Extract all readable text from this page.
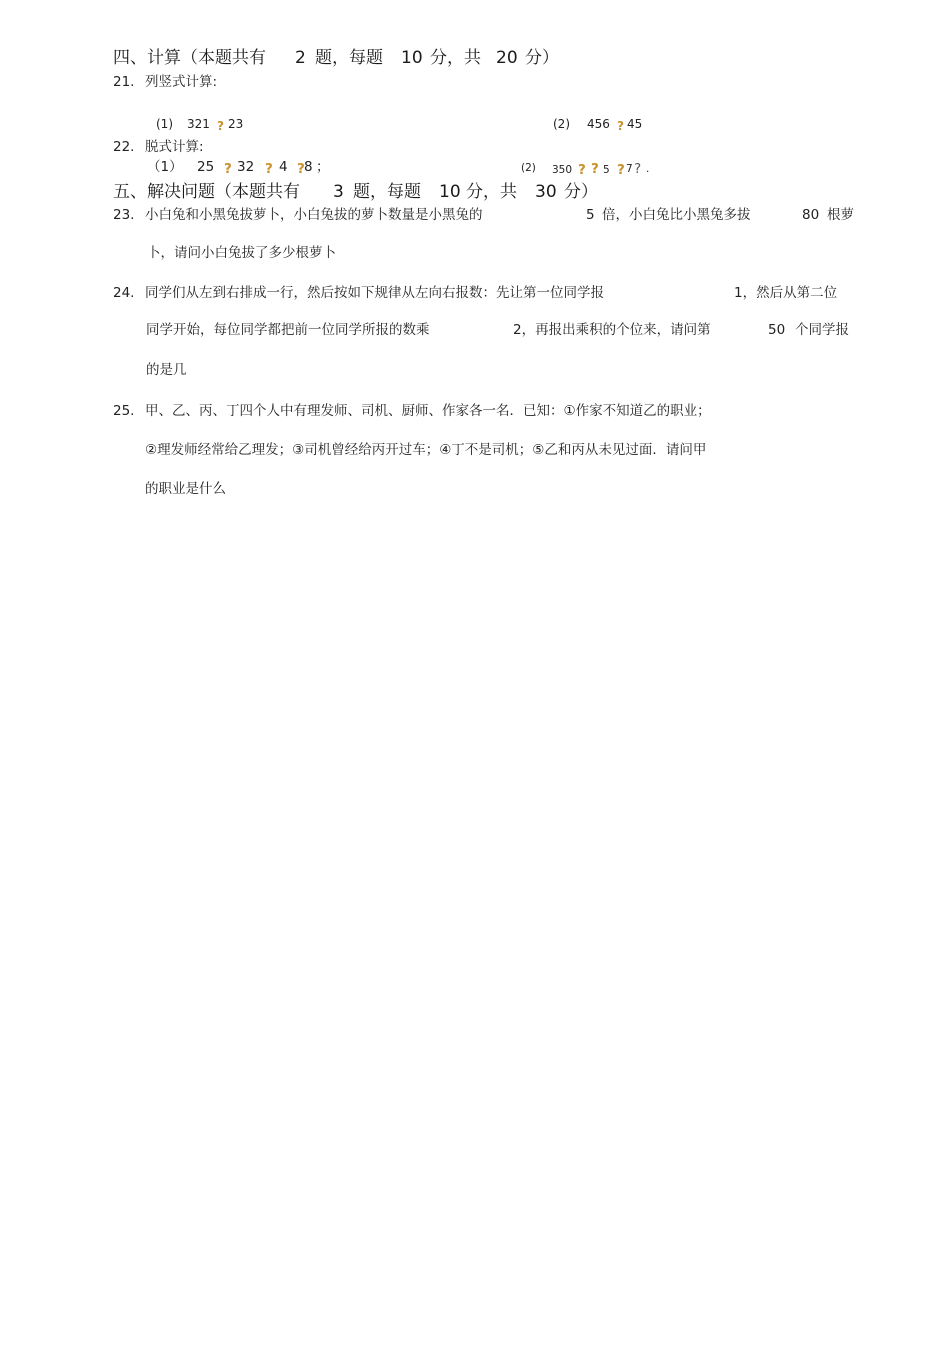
四、计算（本题共有 2 题，每题 10 分，共 20 分）
21. 列竖式计算:
(1) 321 ? 23	(2) 456 ? 45
22. 脱式计算:
（1） 25 ? 32 ? 4 ? 8 ；	(2) 350 ? ? 5 ? 7 ? .
五、解决问题（本题共有 3 题，每题 10 分，共 30 分）
23. 小白兔和小黑兔拔萝卜，小白兔拔的萝卜数量是小黑兔的	5 倍，小白兔比小黑兔多拔	80 根萝
卜，请问小白兔拔了多少根萝卜
24. 同学们从左到右排成一行，然后按如下规律从左向右报数：先让第一位同学报	1，然后从第二位
同学开始，每位同学都把前一位同学所报的数乘	2，再报出乘积的个位来，请问第	50 个同学报
的是几
25. 甲、乙、丙、丁四个人中有理发师、司机、厨师、作家各一名．已知：①作家不知道乙的职业；
②理发师经常给乙理发；③司机曾经给丙开过车；④丁不是司机；⑤乙和丙从未见过面．请问甲
的职业是什么
